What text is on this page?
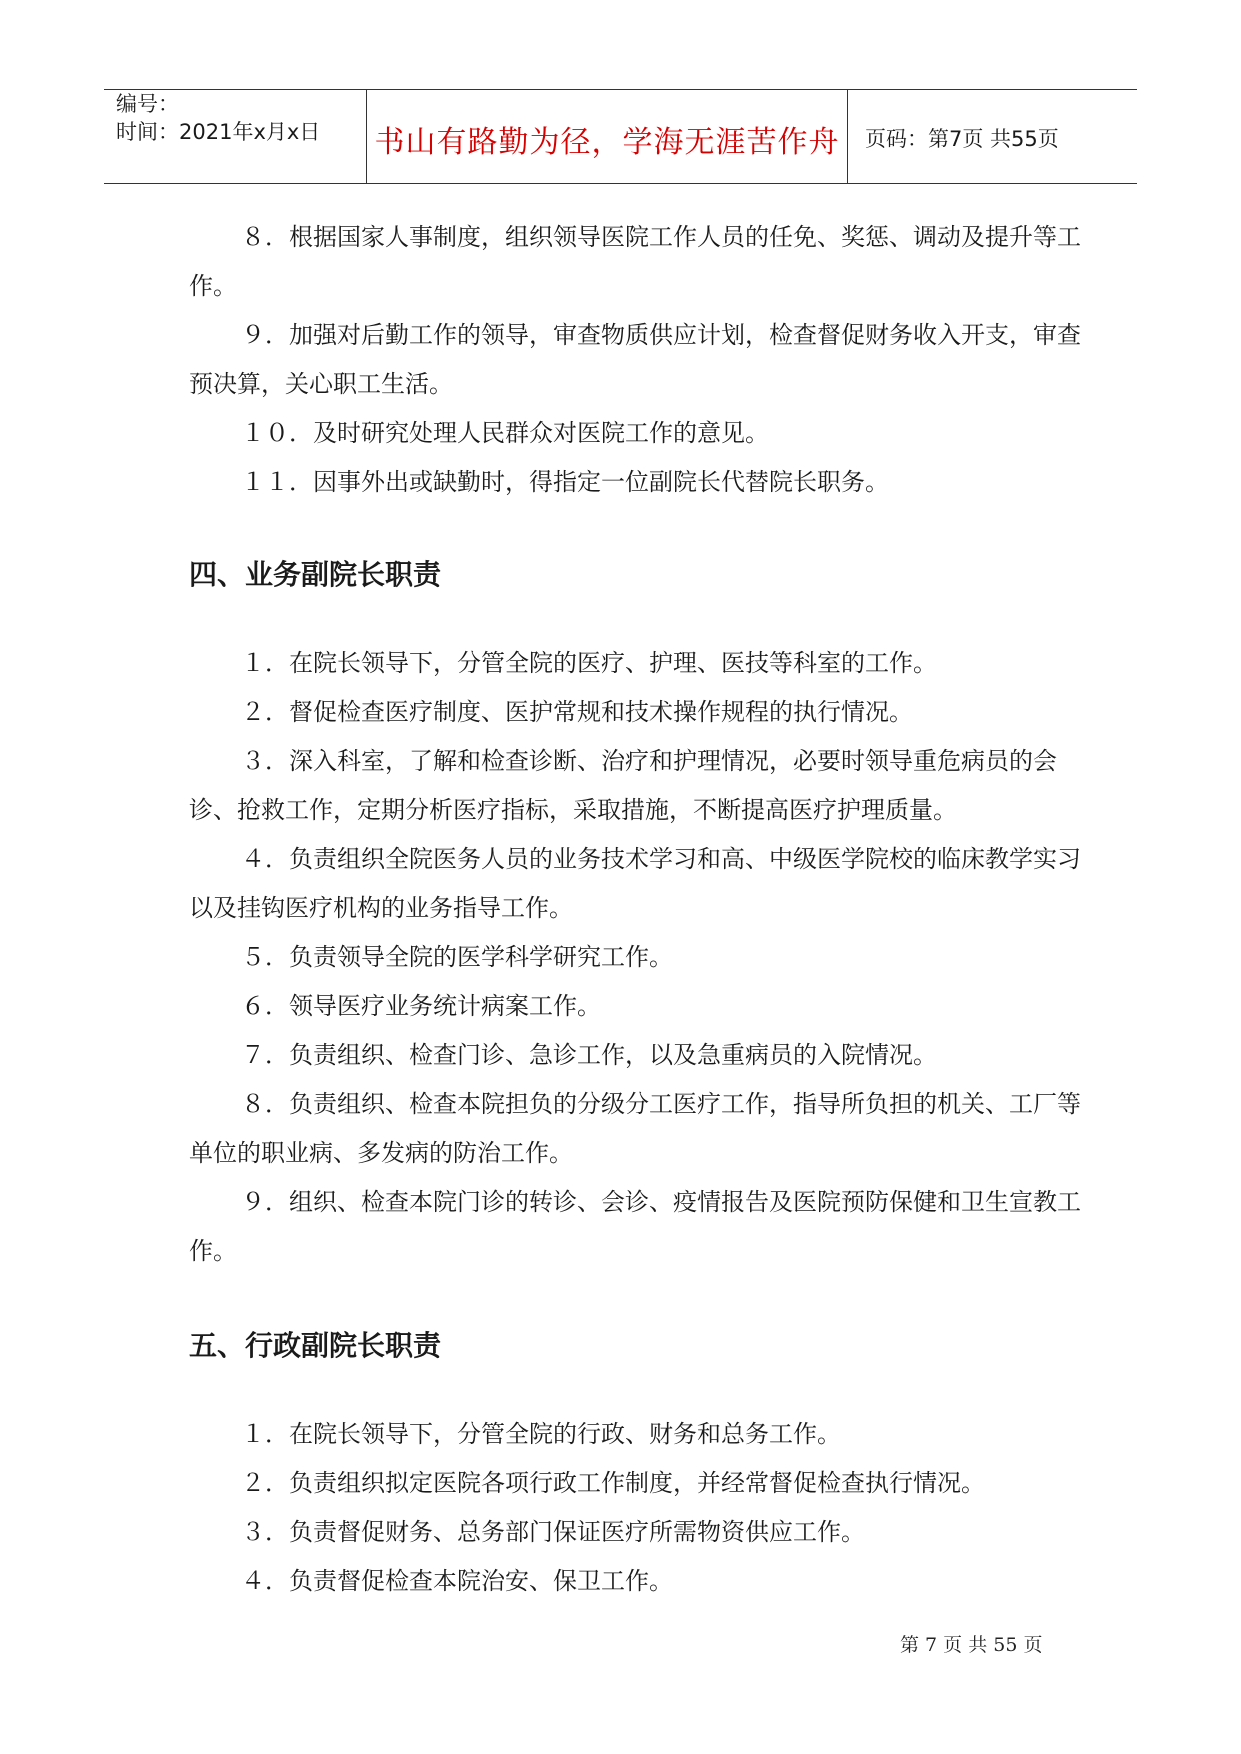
编号：
时间：2021年x月x日 书山有路勤为径，学海无涯苦作舟	页码：第7页 共55页

８．根据国家人事制度，组织领导医院工作人员的任免、奖惩、调动及提升等工作。

９．加强对后勤工作的领导，审查物质供应计划，检查督促财务收入开支，审查预决算，关心职工生活。

１０．及时研究处理人民群众对医院工作的意见。

１１．因事外出或缺勤时，得指定一位副院长代替院长职务。

四、业务副院长职责

１．在院长领导下，分管全院的医疗、护理、医技等科室的工作。

２．督促检查医疗制度、医护常规和技术操作规程的执行情况。

３．深入科室，了解和检查诊断、治疗和护理情况，必要时领导重危病员的会诊、抢救工作，定期分析医疗指标，采取措施，不断提高医疗护理质量。

４．负责组织全院医务人员的业务技术学习和高、中级医学院校的临床教学实习以及挂钩医疗机构的业务指导工作。

５．负责领导全院的医学科学研究工作。

６．领导医疗业务统计病案工作。

７．负责组织、检查门诊、急诊工作，以及急重病员的入院情况。

８．负责组织、检查本院担负的分级分工医疗工作，指导所负担的机关、工厂等单位的职业病、多发病的防治工作。

９．组织、检查本院门诊的转诊、会诊、疫情报告及医院预防保健和卫生宣教工作。

五、行政副院长职责

１．在院长领导下，分管全院的行政、财务和总务工作。

２．负责组织拟定医院各项行政工作制度，并经常督促检查执行情况。

３．负责督促财务、总务部门保证医疗所需物资供应工作。

４．负责督促检查本院治安、保卫工作。

第 7 页 共 55 页
